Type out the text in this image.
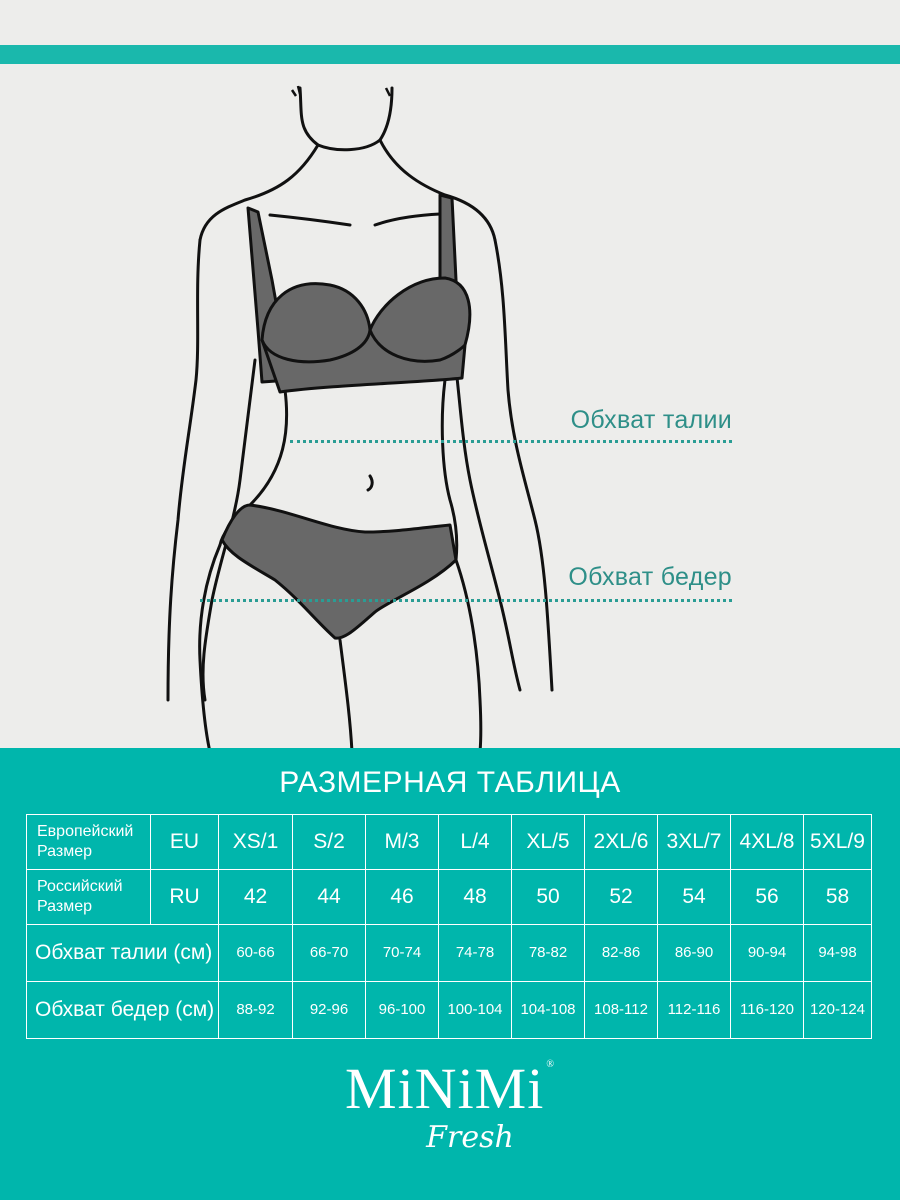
Обхват талии
Обхват бедер
РАЗМЕРНАЯ ТАБЛИЦА
Европейский Размер	EU	XS/1	S/2	M/3	L/4	XL/5	2XL/6	3XL/7	4XL/8	5XL/9
Российский Размер	RU	42	44	46	48	50	52	54	56	58
Обхват талии (см)		60-66	66-70	70-74	74-78	78-82	82-86	86-90	90-94	94-98
Обхват бедер (см)		88-92	92-96	96-100	100-104	104-108	108-112	112-116	116-120	120-124
MiNiMi ®
Fresh
